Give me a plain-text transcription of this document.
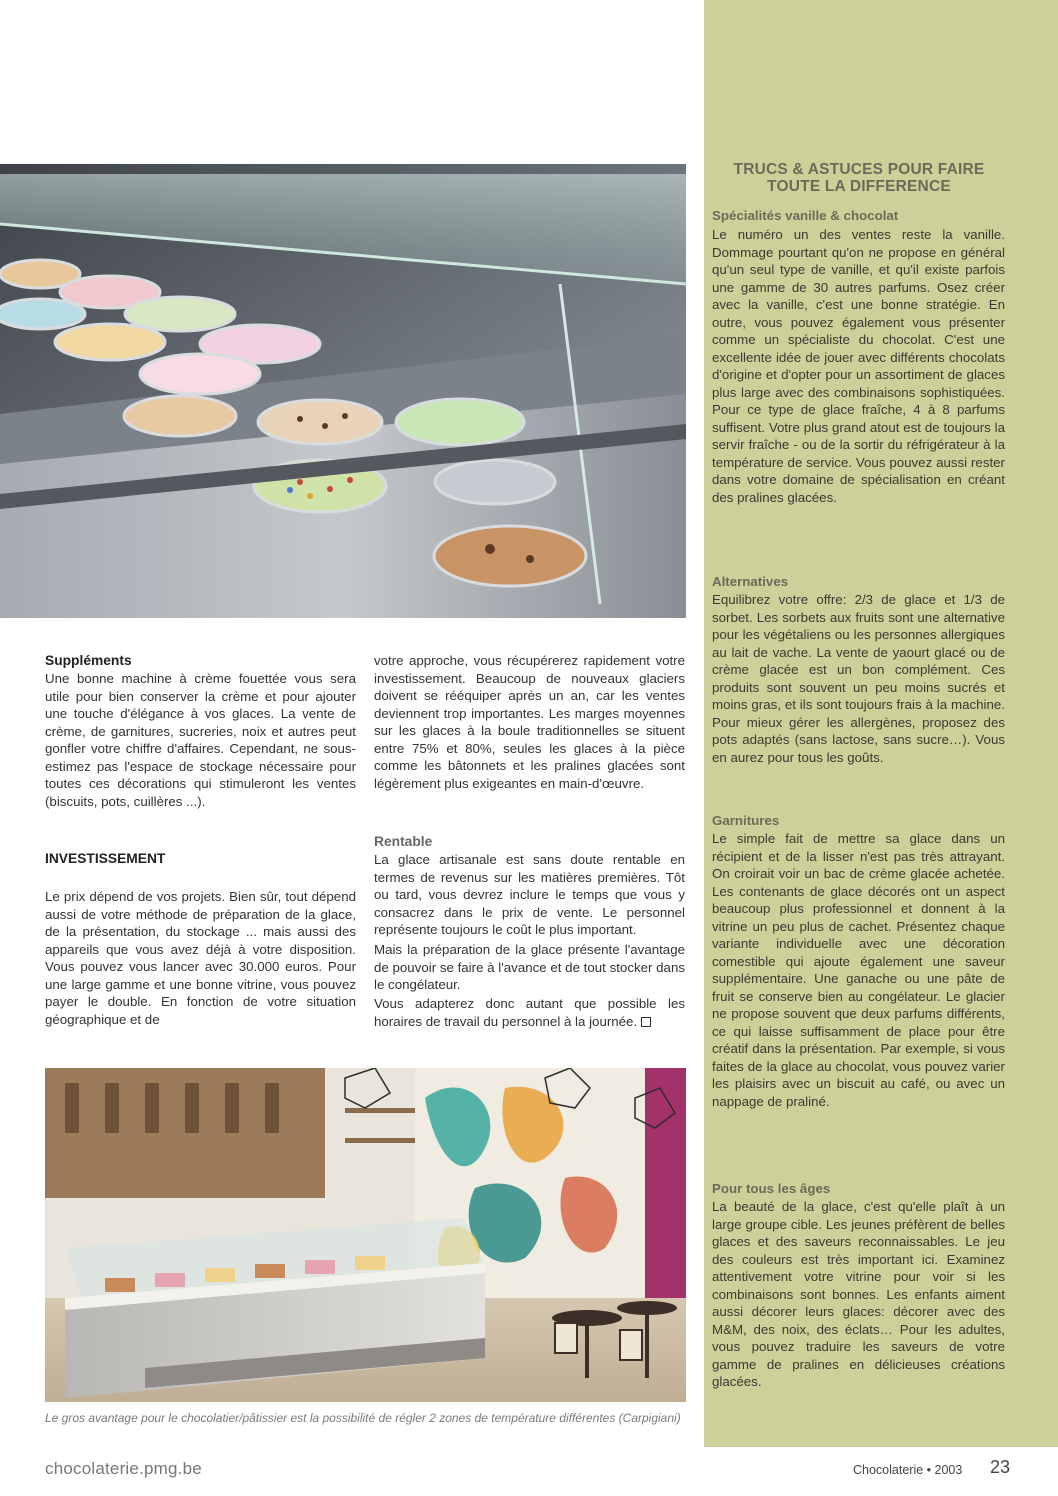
TRUCS & ASTUCES POUR FAIRE TOUTE LA DIFFERENCE
Spécialités vanille & chocolat
Le numéro un des ventes reste la vanille. Dommage pourtant qu'on ne propose en général qu'un seul type de vanille, et qu'il existe parfois une gamme de 30 autres parfums. Osez créer avec la vanille, c'est une bonne stratégie. En outre, vous pouvez également vous présenter comme un spécialiste du chocolat. C'est une excellente idée de jouer avec différents chocolats d'origine et d'opter pour un assortiment de glaces plus large avec des combinaisons sophistiquées. Pour ce type de glace fraîche, 4 à 8 parfums suffisent. Votre plus grand atout est de toujours la servir fraîche - ou de la sortir du réfrigérateur à la température de service. Vous pouvez aussi rester dans votre domaine de spécialisation en créant des pralines glacées.
Alternatives
Equilibrez votre offre: 2/3 de glace et 1/3 de sorbet. Les sorbets aux fruits sont une alternative pour les végétaliens ou les personnes allergiques au lait de vache. La vente de yaourt glacé ou de crème glacée est un bon complément. Ces produits sont souvent un peu moins sucrés et moins gras, et ils sont toujours frais à la machine. Pour mieux gérer les allergènes, proposez des pots adaptés (sans lactose, sans sucre…). Vous en aurez pour tous les goûts.
Garnitures
Le simple fait de mettre sa glace dans un récipient et de la lisser n'est pas très attrayant. On croirait voir un bac de crème glacée achetée. Les contenants de glace décorés ont un aspect beaucoup plus professionnel et donnent à la vitrine un peu plus de cachet. Présentez chaque variante individuelle avec une décoration comestible qui ajoute également une saveur supplémentaire. Une ganache ou une pâte de fruit se conserve bien au congélateur. Le glacier ne propose souvent que deux parfums différents, ce qui laisse suffisamment de place pour être créatif dans la présentation. Par exemple, si vous faites de la glace au chocolat, vous pouvez varier les plaisirs avec un biscuit au café, ou avec un nappage de praliné.
Pour tous les âges
La beauté de la glace, c'est qu'elle plaît à un large groupe cible. Les jeunes préfèrent de belles glaces et des saveurs reconnaissables. Le jeu des couleurs est très important ici. Examinez attentivement votre vitrine pour voir si les combinaisons sont bonnes. Les enfants aiment aussi décorer leurs glaces: décorer avec des M&M, des noix, des éclats… Pour les adultes, vous pouvez traduire les saveurs de votre gamme de pralines en délicieuses créations glacées.
Suppléments
Une bonne machine à crème fouettée vous sera utile pour bien conserver la crème et pour ajouter une touche d'élégance à vos glaces. La vente de crème, de garnitures, sucreries, noix et autres peut gonfler votre chiffre d'affaires. Cependant, ne sous-estimez pas l'espace de stockage nécessaire pour toutes ces décorations qui stimuleront les ventes (biscuits, pots, cuillères ...).
INVESTISSEMENT
Le prix dépend de vos projets. Bien sûr, tout dépend aussi de votre méthode de préparation de la glace, de la présentation, du stockage ... mais aussi des appareils que vous avez déjà à votre disposition. Vous pouvez vous lancer avec 30.000 euros. Pour une large gamme et une bonne vitrine, vous pouvez payer le double. En fonction de votre situation géographique et de
votre approche, vous récupérerez rapidement votre investissement. Beaucoup de nouveaux glaciers doivent se rééquiper après un an, car les ventes deviennent trop importantes. Les marges moyennes sur les glaces à la boule traditionnelles se situent entre 75% et 80%, seules les glaces à la pièce comme les bâtonnets et les pralines glacées sont légèrement plus exigeantes en main-d'œuvre.
Rentable
La glace artisanale est sans doute rentable en termes de revenus sur les matières premières. Tôt ou tard, vous devrez inclure le temps que vous y consacrez dans le prix de vente. Le personnel représente toujours le coût le plus important.
Mais la préparation de la glace présente l'avantage de pouvoir se faire à l'avance et de tout stocker dans le congélateur.
Vous adapterez donc autant que possible les horaires de travail du personnel à la journée.
Le gros avantage pour le chocolatier/pâtissier est la possibilité de régler 2 zones de température différentes (Carpigiani)
chocolaterie.pmg.be	Chocolaterie • 2003 23
